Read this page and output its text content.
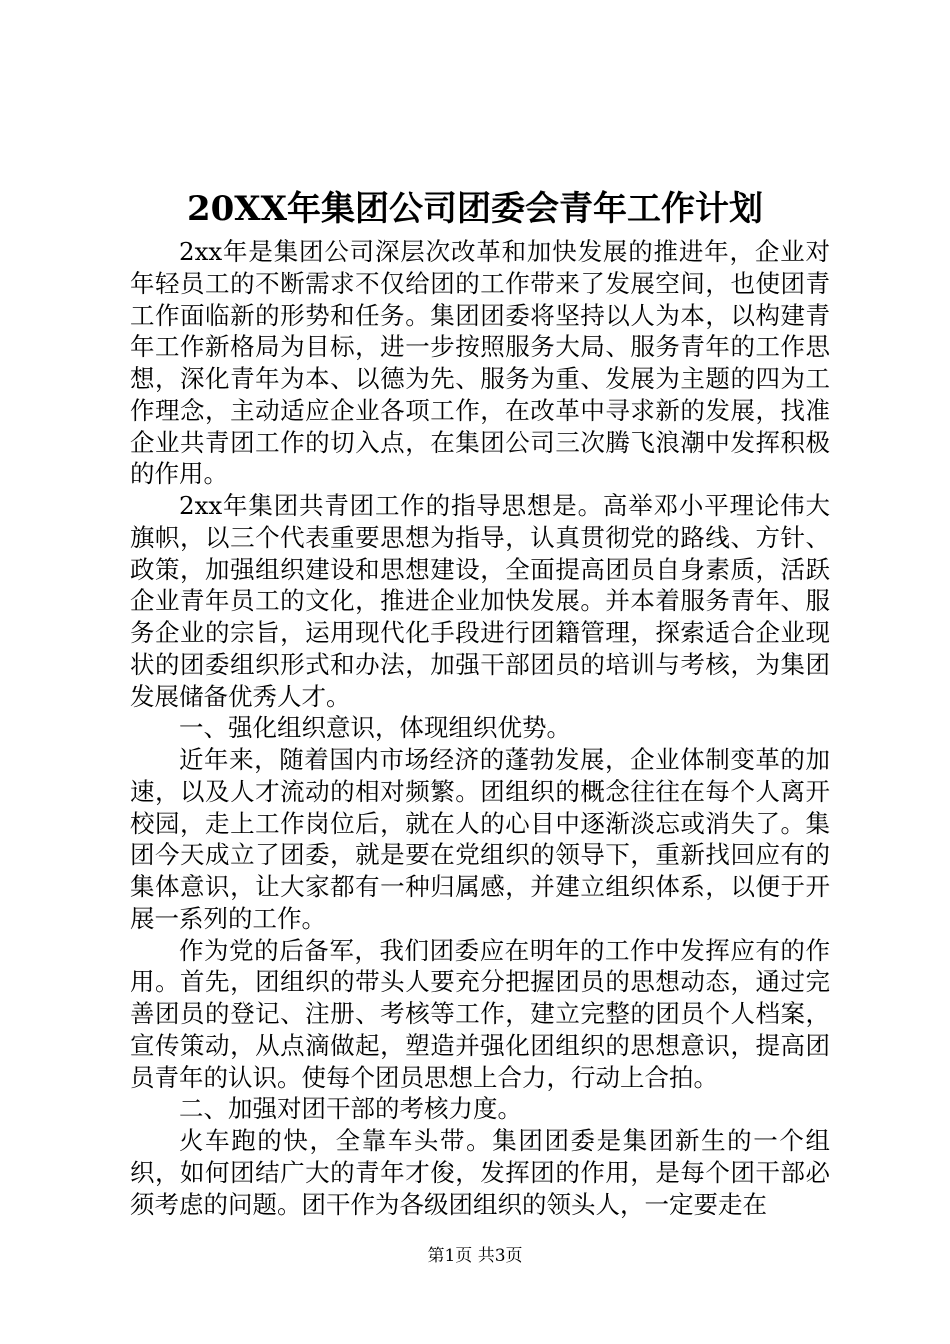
20XX年集团公司团委会青年工作计划

2xx年是集团公司深层次改革和加快发展的推进年，企业对年轻员工的不断需求不仅给团的工作带来了发展空间，也使团青工作面临新的形势和任务。集团团委将坚持以人为本，以构建青年工作新格局为目标，进一步按照服务大局、服务青年的工作思想，深化青年为本、以德为先、服务为重、发展为主题的四为工作理念，主动适应企业各项工作，在改革中寻求新的发展，找准企业共青团工作的切入点，在集团公司三次腾飞浪潮中发挥积极的作用。

2xx年集团共青团工作的指导思想是。高举邓小平理论伟大旗帜，以三个代表重要思想为指导，认真贯彻党的路线、方针、政策，加强组织建设和思想建设，全面提高团员自身素质，活跃企业青年员工的文化，推进企业加快发展。并本着服务青年、服务企业的宗旨，运用现代化手段进行团籍管理，探索适合企业现状的团委组织形式和办法，加强干部团员的培训与考核，为集团发展储备优秀人才。

一、强化组织意识，体现组织优势。

近年来，随着国内市场经济的蓬勃发展，企业体制变革的加速，以及人才流动的相对频繁。团组织的概念往往在每个人离开校园，走上工作岗位后，就在人的心目中逐渐淡忘或消失了。集团今天成立了团委，就是要在党组织的领导下，重新找回应有的集体意识，让大家都有一种归属感，并建立组织体系，以便于开展一系列的工作。

作为党的后备军，我们团委应在明年的工作中发挥应有的作用。首先，团组织的带头人要充分把握团员的思想动态，通过完善团员的登记、注册、考核等工作，建立完整的团员个人档案，宣传策动，从点滴做起，塑造并强化团组织的思想意识，提高团员青年的认识。使每个团员思想上合力，行动上合拍。

二、加强对团干部的考核力度。

火车跑的快，全靠车头带。集团团委是集团新生的一个组织，如何团结广大的青年才俊，发挥团的作用，是每个团干部必须考虑的问题。团干作为各级团组织的领头人，一定要走在

第1页 共3页
